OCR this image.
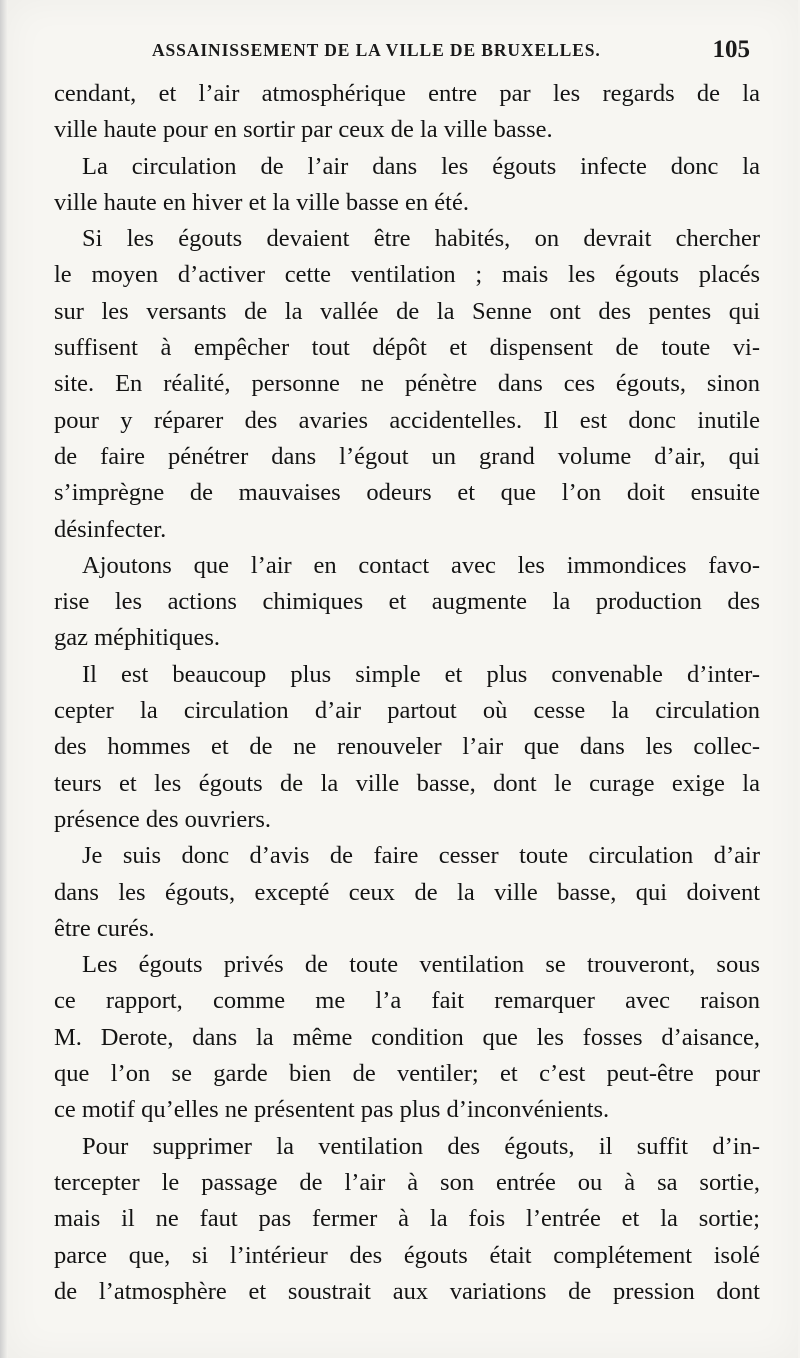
ASSAINISSEMENT DE LA VILLE DE BRUXELLES.	105
cendant, et l’air atmosphérique entre par les regards de la
ville haute pour en sortir par ceux de la ville basse.
La circulation de l’air dans les égouts infecte donc la
ville haute en hiver et la ville basse en été.
Si les égouts devaient être habités, on devrait chercher
le moyen d’activer cette ventilation ; mais les égouts placés
sur les versants de la vallée de la Senne ont des pentes qui
suffisent à empêcher tout dépôt et dispensent de toute vi-
site. En réalité, personne ne pénètre dans ces égouts, sinon
pour y réparer des avaries accidentelles. Il est donc inutile
de faire pénétrer dans l’égout un grand volume d’air, qui
s’imprègne de mauvaises odeurs et que l’on doit ensuite
désinfecter.
Ajoutons que l’air en contact avec les immondices favo-
rise les actions chimiques et augmente la production des
gaz méphitiques.
Il est beaucoup plus simple et plus convenable d’inter-
cepter la circulation d’air partout où cesse la circulation
des hommes et de ne renouveler l’air que dans les collec-
teurs et les égouts de la ville basse, dont le curage exige la
présence des ouvriers.
Je suis donc d’avis de faire cesser toute circulation d’air
dans les égouts, excepté ceux de la ville basse, qui doivent
être curés.
Les égouts privés de toute ventilation se trouveront, sous
ce rapport, comme me l’a fait remarquer avec raison
M. Derote, dans la même condition que les fosses d’aisance,
que l’on se garde bien de ventiler; et c’est peut-être pour
ce motif qu’elles ne présentent pas plus d’inconvénients.
Pour supprimer la ventilation des égouts, il suffit d’in-
tercepter le passage de l’air à son entrée ou à sa sortie,
mais il ne faut pas fermer à la fois l’entrée et la sortie;
parce que, si l’intérieur des égouts était complétement isolé
de l’atmosphère et soustrait aux variations de pression dont
